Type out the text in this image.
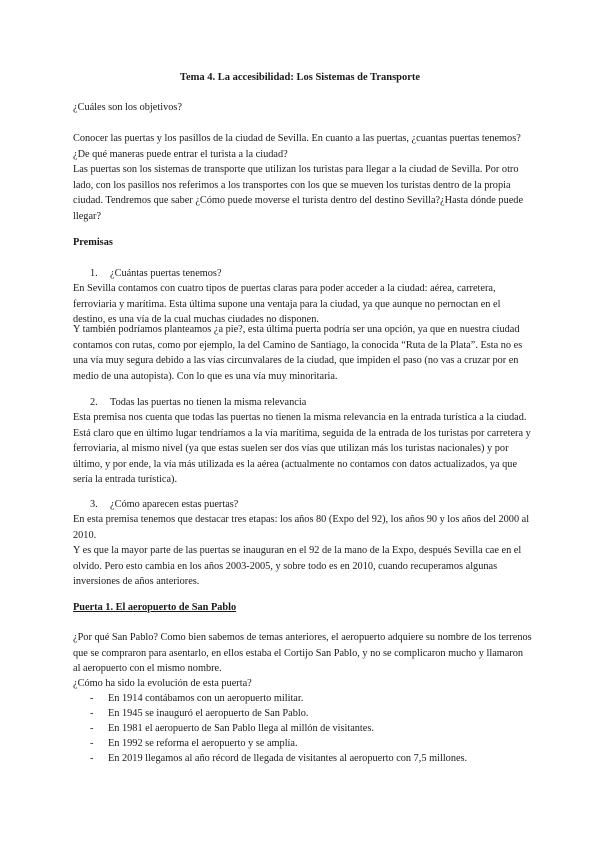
Tema 4. La accesibilidad: Los Sistemas de Transporte

¿Cuáles son los objetivos?

Conocer las puertas y los pasillos de la ciudad de Sevilla. En cuanto a las puertas, ¿cuantas puertas tenemos?¿De qué maneras puede entrar el turista a la ciudad?

Las puertas son los sistemas de transporte que utilizan los turistas para llegar a la ciudad de Sevilla. Por otro lado, con los pasillos nos referimos a los transportes con los que se mueven los turistas dentro de la propia ciudad. Tendremos que saber ¿Cómo puede moverse el turista dentro del destino Sevilla?¿Hasta dónde puede llegar?

Premisas

1. ¿Cuántas puertas tenemos?

En Sevilla contamos con cuatro tipos de puertas claras para poder acceder a la ciudad: aérea, carretera, ferroviaria y marítima. Esta última supone una ventaja para la ciudad, ya que aunque no pernoctan en el destino, es una vía de la cual muchas ciudades no disponen.

Y también podríamos planteamos ¿a pie?, esta última puerta podría ser una opción, ya que en nuestra ciudad contamos con rutas, como por ejemplo, la del Camino de Santiago, la conocida “Ruta de la Plata”. Esta no es una vía muy segura debido a las vías circunvalares de la ciudad, que impiden el paso (no vas a cruzar por en medio de una autopista). Con lo que es una vía muy minoritaria.

2. Todas las puertas no tienen la misma relevancia

Esta premisa nos cuenta que todas las puertas no tienen la misma relevancia en la entrada turística a la ciudad. Está claro que en último lugar tendríamos a la vía marítima, seguida de la entrada de los turistas por carretera y ferroviaria, al mismo nivel (ya que estas suelen ser dos vías que utilizan más los turistas nacionales) y por último, y por ende, la vía más utilizada es la aérea (actualmente no contamos con datos actualizados, ya que sería la entrada turística).

3. ¿Cómo aparecen estas puertas?

En esta premisa tenemos que destacar tres etapas: los años 80 (Expo del 92), los años 90 y los años del 2000 al 2010.

Y es que la mayor parte de las puertas se inauguran en el 92 de la mano de la Expo, después Sevilla cae en el olvido. Pero esto cambia en los años 2003-2005, y sobre todo es en 2010, cuando recuperamos algunas inversiones de años anteriores.

Puerta 1. El aeropuerto de San Pablo

¿Por qué San Pablo? Como bien sabemos de temas anteriores, el aeropuerto adquiere su nombre de los terrenos que se compraron para asentarlo, en ellos estaba el Cortijo San Pablo, y no se complicaron mucho y llamaron al aeropuerto con el mismo nombre.

¿Cómo ha sido la evolución de esta puerta?

- En 1914 contábamos con un aeropuerto militar.

- En 1945 se inauguró el aeropuerto de San Pablo.

- En 1981 el aeropuerto de San Pablo llega al millón de visitantes.

- En 1992 se reforma el aeropuerto y se amplía.

- En 2019 llegamos al año récord de llegada de visitantes al aeropuerto con 7,5 millones.
